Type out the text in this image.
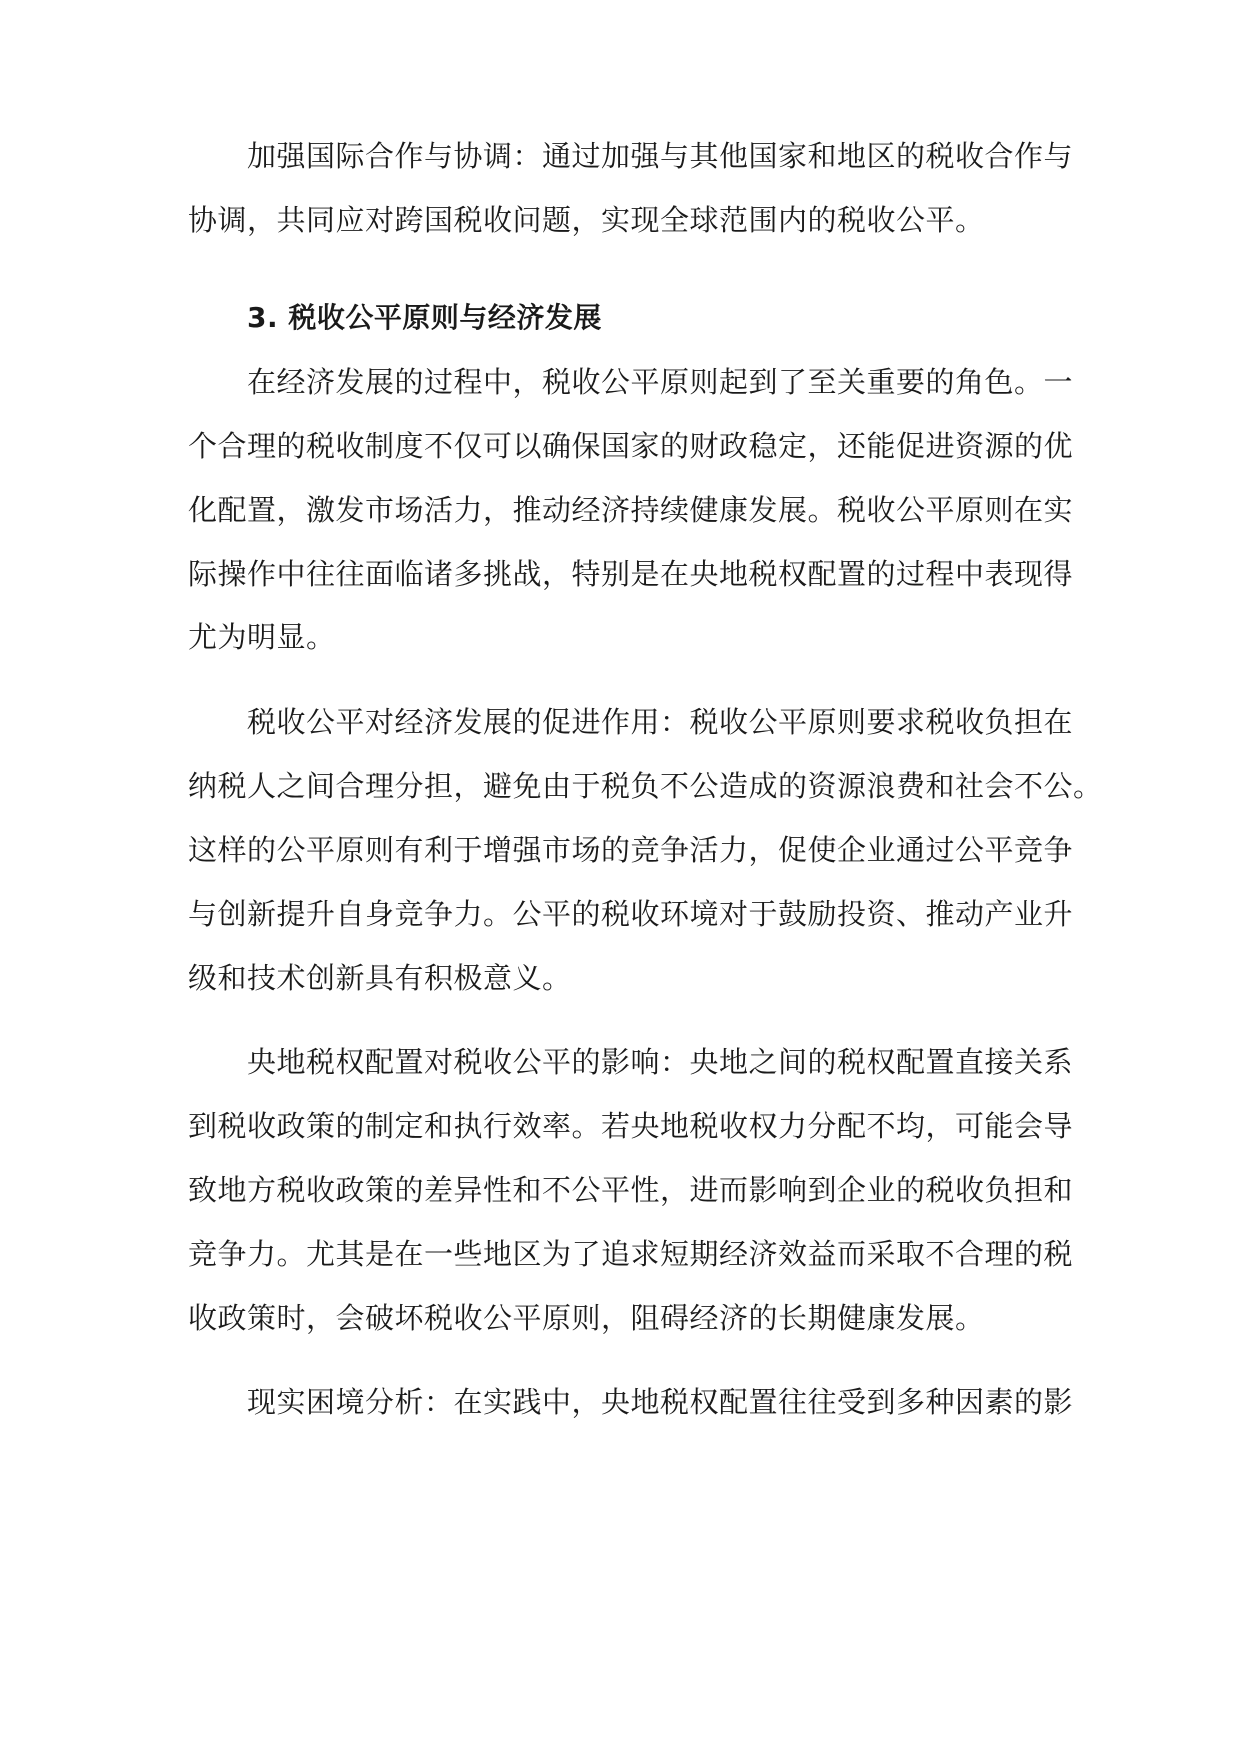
加强国际合作与协调：通过加强与其他国家和地区的税收合作与
协调，共同应对跨国税收问题，实现全球范围内的税收公平。
3. 税收公平原则与经济发展
在经济发展的过程中，税收公平原则起到了至关重要的角色。一
个合理的税收制度不仅可以确保国家的财政稳定，还能促进资源的优
化配置，激发市场活力，推动经济持续健康发展。税收公平原则在实
际操作中往往面临诸多挑战，特别是在央地税权配置的过程中表现得
尤为明显。
税收公平对经济发展的促进作用：税收公平原则要求税收负担在
纳税人之间合理分担，避免由于税负不公造成的资源浪费和社会不公。
这样的公平原则有利于增强市场的竞争活力，促使企业通过公平竞争
与创新提升自身竞争力。公平的税收环境对于鼓励投资、推动产业升
级和技术创新具有积极意义。
央地税权配置对税收公平的影响：央地之间的税权配置直接关系
到税收政策的制定和执行效率。若央地税收权力分配不均，可能会导
致地方税收政策的差异性和不公平性，进而影响到企业的税收负担和
竞争力。尤其是在一些地区为了追求短期经济效益而采取不合理的税
收政策时，会破坏税收公平原则，阻碍经济的长期健康发展。
现实困境分析：在实践中，央地税权配置往往受到多种因素的影
